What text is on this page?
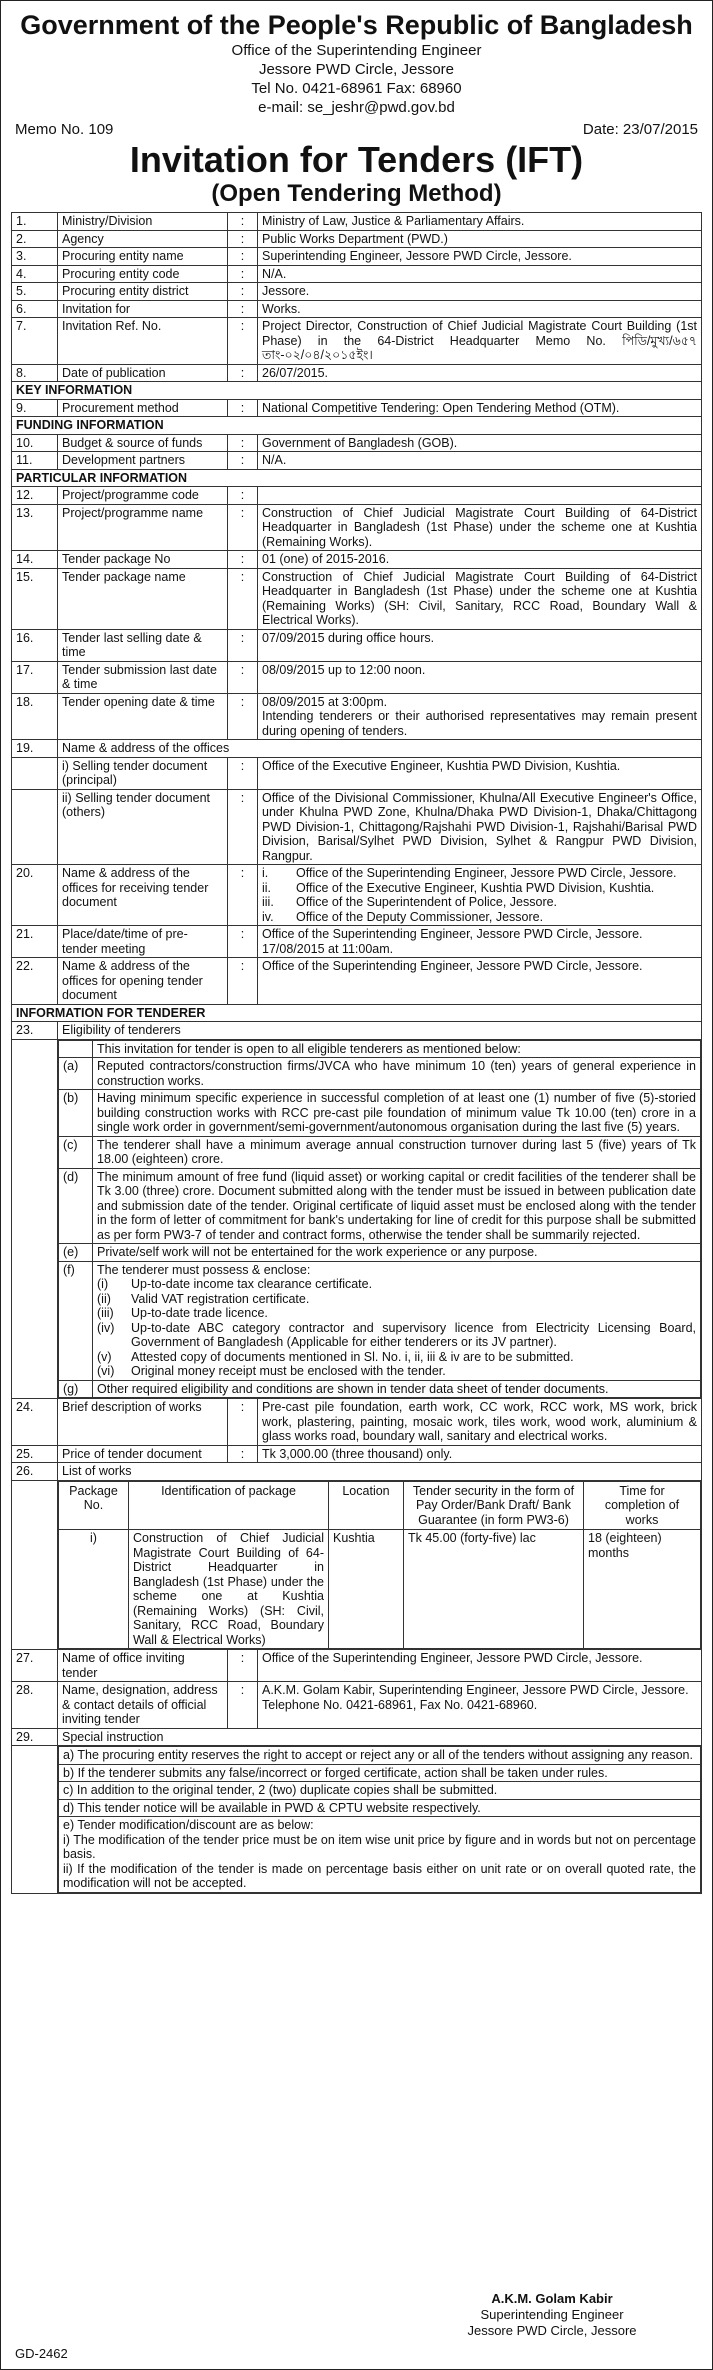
Government of the People's Republic of Bangladesh
Office of the Superintending Engineer
Jessore PWD Circle, Jessore
Tel No. 0421-68961 Fax: 68960
e-mail: se_jeshr@pwd.gov.bd
Memo No. 109	Date: 23/07/2015
Invitation for Tenders (IFT)
(Open Tendering Method)
1.	Ministry/Division	:	Ministry of Law, Justice & Parliamentary Affairs.
2.	Agency	:	Public Works Department (PWD.)
3.	Procuring entity name	:	Superintending Engineer, Jessore PWD Circle, Jessore.
4.	Procuring entity code	:	N/A.
5.	Procuring entity district	:	Jessore.
6.	Invitation for	:	Works.
7.	Invitation Ref. No.	:	Project Director, Construction of Chief Judicial Magistrate Court Building (1st Phase) in the 64-District Headquarter Memo No. পিডি/মুখ্য/৬৫৭ তাং-০২/০৪/২০১৫ইং।
8.	Date of publication	:	26/07/2015.
KEY INFORMATION
9.	Procurement method	:	National Competitive Tendering: Open Tendering Method (OTM).
FUNDING INFORMATION
10.	Budget & source of funds	:	Government of Bangladesh (GOB).
11.	Development partners	:	N/A.
PARTICULAR INFORMATION
12.	Project/programme code	:	
13.	Project/programme name	:	Construction of Chief Judicial Magistrate Court Building of 64-District Headquarter in Bangladesh (1st Phase) under the scheme one at Kushtia (Remaining Works).
14.	Tender package No	:	01 (one) of 2015-2016.
15.	Tender package name	:	Construction of Chief Judicial Magistrate Court Building of 64-District Headquarter in Bangladesh (1st Phase) under the scheme one at Kushtia (Remaining Works) (SH: Civil, Sanitary, RCC Road, Boundary Wall & Electrical Works).
16.	Tender last selling date & time	:	07/09/2015 during office hours.
17.	Tender submission last date & time	:	08/09/2015 up to 12:00 noon.
18.	Tender opening date & time	:	08/09/2015 at 3:00pm.
Intending tenderers or their authorised representatives may remain present during opening of tenders.

19.	Name & address of the offices
	i) Selling tender document (principal)	:	Office of the Executive Engineer, Kushtia PWD Division, Kushtia.
	ii) Selling tender document (others)	:	Office of the Divisional Commissioner, Khulna/All Executive Engineer's Office, under Khulna PWD Zone, Khulna/Dhaka PWD Division-1, Dhaka/Chittagong PWD Division-1, Chittagong/Rajshahi PWD Division-1, Rajshahi/Barisal PWD Division, Barisal/Sylhet PWD Division, Sylhet & Rangpur PWD Division, Rangpur.
20.	Name & address of the offices for receiving tender document	:	i.	Office of the Superintending Engineer, Jessore PWD Circle, Jessore.
ii.	Office of the Executive Engineer, Kushtia PWD Division, Kushtia.
iii.	Office of the Superintendent of Police, Jessore.
iv.	Office of the Deputy Commissioner, Jessore.

21.	Place/date/time of pre-tender meeting	:	Office of the Superintending Engineer, Jessore PWD Circle, Jessore.
17/08/2015 at 11:00am.

22.	Name & address of the offices for opening tender document	:	Office of the Superintending Engineer, Jessore PWD Circle, Jessore.
INFORMATION FOR TENDERER
23.	Eligibility of tenderers

	This invitation for tender is open to all eligible tenderers as mentioned below:
(a)	Reputed contractors/construction firms/JVCA who have minimum 10 (ten) years of general experience in construction works.
(b)	Having minimum specific experience in successful completion of at least one (1) number of five (5)-storied building construction works with RCC pre-cast pile foundation of minimum value Tk 10.00 (ten) crore in a single work order in government/semi-government/autonomous organisation during the last five (5) years.
(c)	The tenderer shall have a minimum average annual construction turnover during last 5 (five) years of Tk 18.00 (eighteen) crore.
(d)	The minimum amount of free fund (liquid asset) or working capital or credit facilities of the tenderer shall be Tk 3.00 (three) crore. Document submitted along with the tender must be issued in between publication date and submission date of the tender. Original certificate of liquid asset must be enclosed along with the tender in the form of letter of commitment for bank's undertaking for line of credit for this purpose shall be submitted as per form PW3-7 of tender and contract forms, otherwise the tender shall be summarily rejected.
(e)	Private/self work will not be entertained for the work experience or any purpose.
(f)	The tenderer must possess & enclose:
(i)	Up-to-date income tax clearance certificate.
(ii)	Valid VAT registration certificate.
(iii)	Up-to-date trade licence.
(iv)	Up-to-date ABC category contractor and supervisory licence from Electricity Licensing Board, Government of Bangladesh (Applicable for either tenderers or its JV partner).
(v)	Attested copy of documents mentioned in Sl. No. i, ii, iii & iv are to be submitted.
(vi)	Original money receipt must be enclosed with the tender.

(g)	Other required eligibility and conditions are shown in tender data sheet of tender documents.

24.	Brief description of works	:	Pre-cast pile foundation, earth work, CC work, RCC work, MS work, brick work, plastering, painting, mosaic work, tiles work, wood work, aluminium & glass works road, boundary wall, sanitary and electrical works.
25.	Price of tender document	:	Tk 3,000.00 (three thousand) only.
26.	List of works

Package No.	Identification of package	Location	Tender security in the form of Pay Order/Bank Draft/ Bank Guarantee (in form PW3-6)	Time for completion of works
i)	Construction of Chief Judicial Magistrate Court Building of 64-District Headquarter in Bangladesh (1st Phase) under the scheme one at Kushtia (Remaining Works) (SH: Civil, Sanitary, RCC Road, Boundary Wall & Electrical Works)	Kushtia	Tk 45.00 (forty-five) lac	18 (eighteen) months

27.	Name of office inviting tender	:	Office of the Superintending Engineer, Jessore PWD Circle, Jessore.
28.	Name, designation, address & contact details of official inviting tender	:	A.K.M. Golam Kabir, Superintending Engineer, Jessore PWD Circle, Jessore.
Telephone No. 0421-68961, Fax No. 0421-68960.

29.	Special instruction

a) The procuring entity reserves the right to accept or reject any or all of the tenders without assigning any reason.
b) If the tenderer submits any false/incorrect or forged certificate, action shall be taken under rules.
c) In addition to the original tender, 2 (two) duplicate copies shall be submitted.
d) This tender notice will be available in PWD & CPTU website respectively.

e) Tender modification/discount are as below:
i) The modification of the tender price must be on item wise unit price by figure and in words but not on percentage basis.
ii) If the modification of the tender is made on percentage basis either on unit rate or on overall quoted rate, the modification will not be accepted.
A.K.M. Golam Kabir
Superintending Engineer
Jessore PWD Circle, Jessore
GD-2462
